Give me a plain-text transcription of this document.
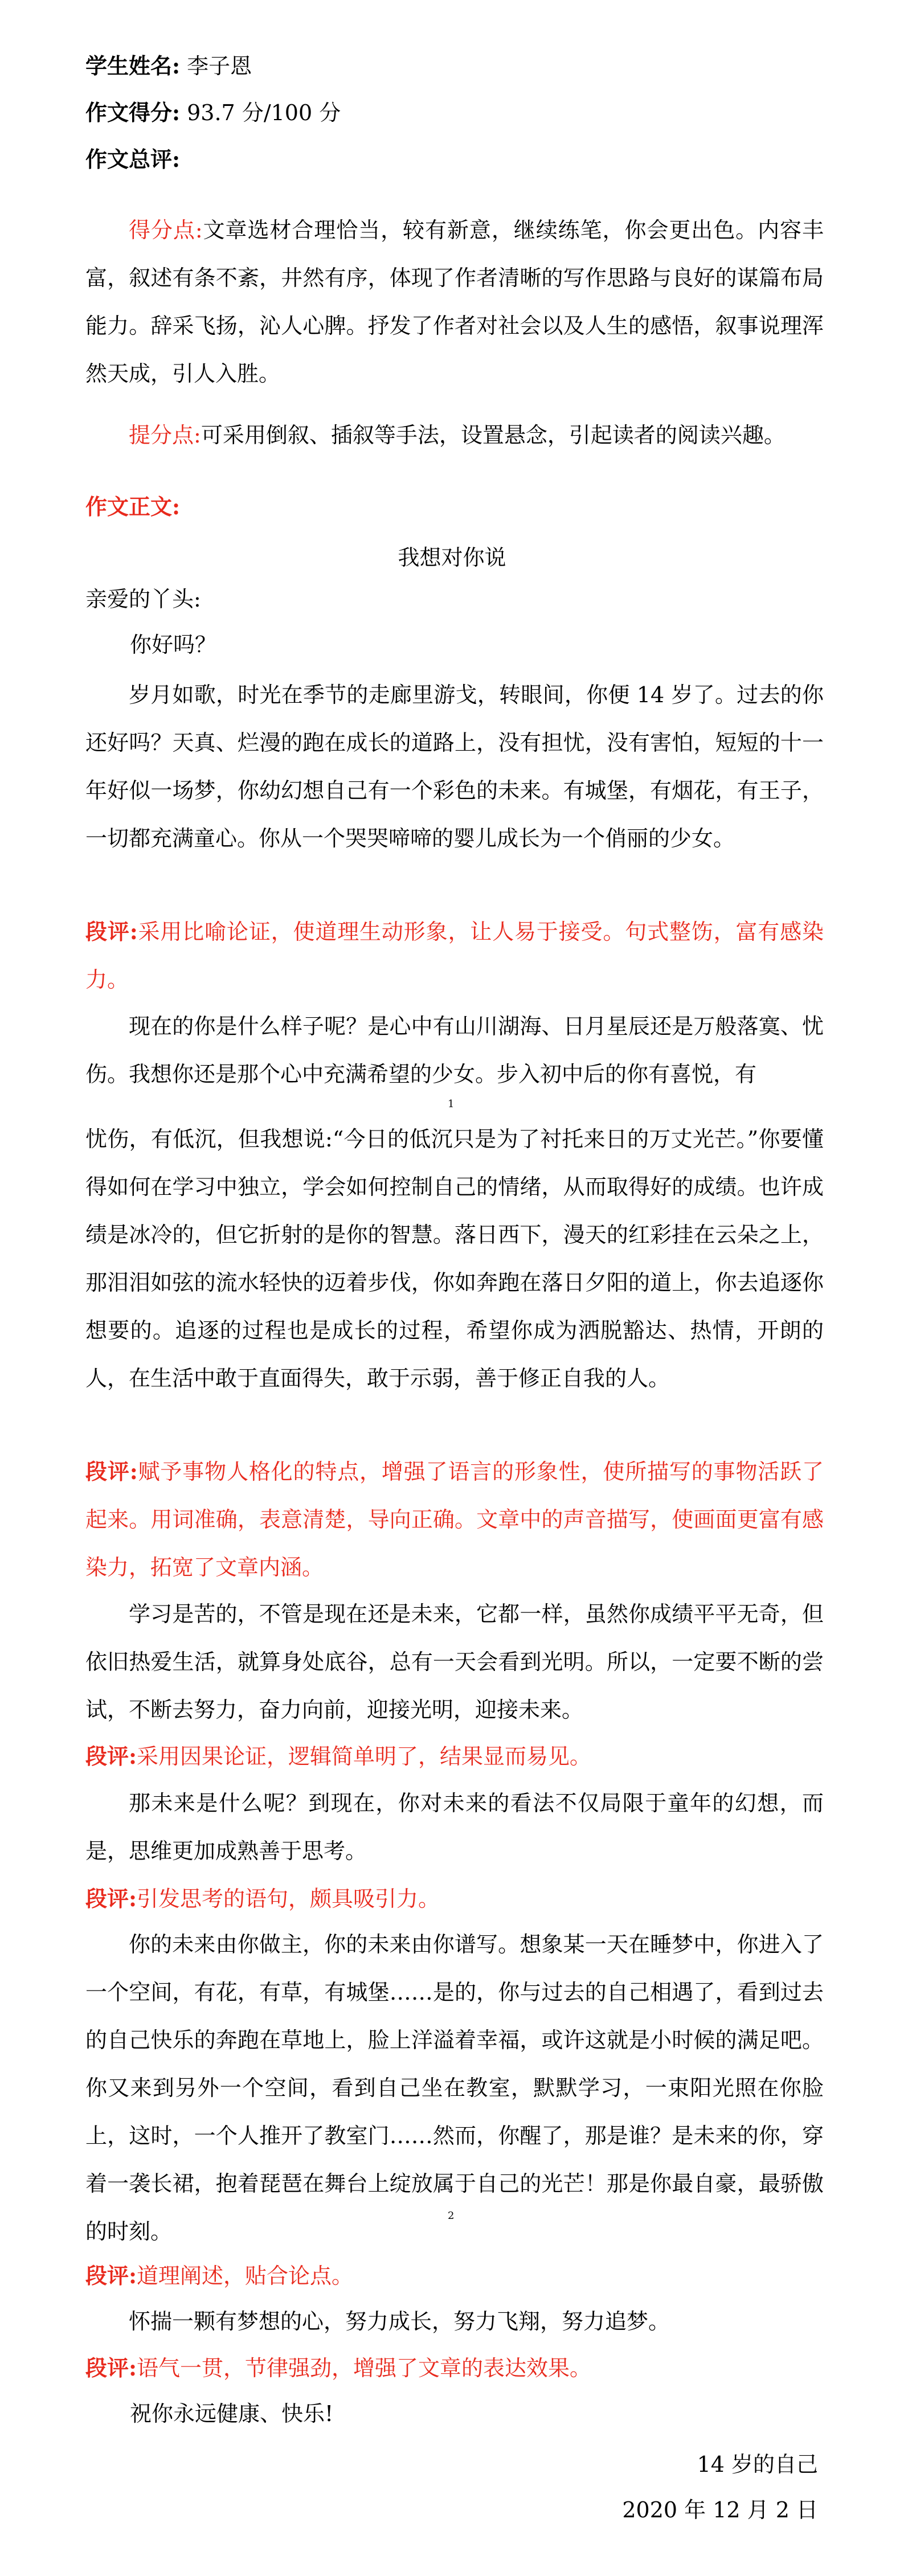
学生姓名: 李子恩
作文得分: 93.7 分/100 分
作文总评:
得分点:文章选材合理恰当，较有新意，继续练笔，你会更出色。内容丰富，叙述有条不紊，井然有序，体现了作者清晰的写作思路与良好的谋篇布局能力。辞采飞扬，沁人心脾。抒发了作者对社会以及人生的感悟，叙事说理浑然天成，引人入胜。
提分点:可采用倒叙、插叙等手法，设置悬念，引起读者的阅读兴趣。
作文正文:
我想对你说
亲爱的丫头:
你好吗？
岁月如歌，时光在季节的走廊里游戈，转眼间，你便 14 岁了。过去的你还好吗？天真、烂漫的跑在成长的道路上，没有担忧，没有害怕，短短的十一年好似一场梦，你幼幻想自己有一个彩色的未来。有城堡，有烟花，有王子，一切都充满童心。你从一个哭哭啼啼的婴儿成长为一个俏丽的少女。
段评:采用比喻论证，使道理生动形象，让人易于接受。句式整饬，富有感染力。
现在的你是什么样子呢？是心中有山川湖海、日月星辰还是万般落寞、忧伤。我想你还是那个心中充满希望的少女。步入初中后的你有喜悦，有
1
忧伤，有低沉，但我想说:“今日的低沉只是为了衬托来日的万丈光芒。”你要懂得如何在学习中独立，学会如何控制自己的情绪，从而取得好的成绩。也许成绩是冰冷的，但它折射的是你的智慧。落日西下，漫天的红彩挂在云朵之上，那泪泪如弦的流水轻快的迈着步伐，你如奔跑在落日夕阳的道上，你去追逐你想要的。追逐的过程也是成长的过程，希望你成为洒脱豁达、热情，开朗的人，在生活中敢于直面得失，敢于示弱，善于修正自我的人。
段评:赋予事物人格化的特点，增强了语言的形象性，使所描写的事物活跃了起来。用词准确，表意清楚，导向正确。文章中的声音描写，使画面更富有感染力，拓宽了文章内涵。
学习是苦的，不管是现在还是未来，它都一样，虽然你成绩平平无奇，但依旧热爱生活，就算身处底谷，总有一天会看到光明。所以，一定要不断的尝试，不断去努力，奋力向前，迎接光明，迎接未来。
段评:采用因果论证，逻辑简单明了，结果显而易见。
那未来是什么呢？到现在，你对未来的看法不仅局限于童年的幻想，而是，思维更加成熟善于思考。
段评:引发思考的语句，颇具吸引力。
你的未来由你做主，你的未来由你谱写。想象某一天在睡梦中，你进入了一个空间，有花，有草，有城堡……是的，你与过去的自己相遇了，看到过去的自己快乐的奔跑在草地上，脸上洋溢着幸福，或许这就是小时候的满足吧。你又来到另外一个空间，看到自己坐在教室，默默学习，一束阳光照在你脸上，这时，一个人推开了教室门……然而，你醒了，那是谁？是未来的你，穿着一袭长裙，抱着琵琶在舞台上绽放属于自己的光芒！那是你最自豪，最骄傲的时刻。
2
段评:道理阐述，贴合论点。
怀揣一颗有梦想的心，努力成长，努力飞翔，努力追梦。
段评:语气一贯，节律强劲，增强了文章的表达效果。
祝你永远健康、快乐!
14 岁的自己
2020 年 12 月 2 日
